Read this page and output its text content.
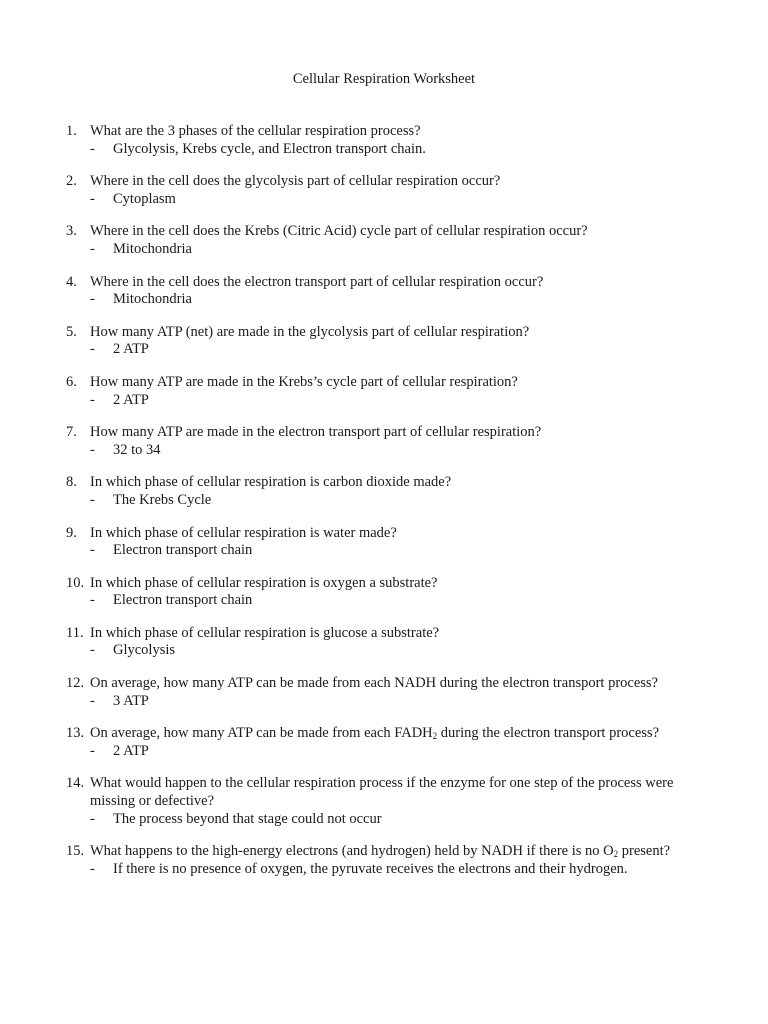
Cellular Respiration Worksheet
1. What are the 3 phases of the cellular respiration process?
- Glycolysis, Krebs cycle, and Electron transport chain.
2. Where in the cell does the glycolysis part of cellular respiration occur?
- Cytoplasm
3. Where in the cell does the Krebs (Citric Acid) cycle part of cellular respiration occur?
- Mitochondria
4. Where in the cell does the electron transport part of cellular respiration occur?
- Mitochondria
5. How many ATP (net) are made in the glycolysis part of cellular respiration?
- 2 ATP
6. How many ATP are made in the Krebs’s cycle part of cellular respiration?
- 2 ATP
7. How many ATP are made in the electron transport part of cellular respiration?
- 32 to 34
8. In which phase of cellular respiration is carbon dioxide made?
- The Krebs Cycle
9. In which phase of cellular respiration is water made?
- Electron transport chain
10. In which phase of cellular respiration is oxygen a substrate?
- Electron transport chain
11. In which phase of cellular respiration is glucose a substrate?
- Glycolysis
12. On average, how many ATP can be made from each NADH during the electron transport process?
- 3 ATP
13. On average, how many ATP can be made from each $FADH_2$ during the electron transport process?
- 2 ATP
14. What would happen to the cellular respiration process if the enzyme for one step of the process were missing or defective?
- The process beyond that stage could not occur
15. What happens to the high-energy electrons (and hydrogen) held by NADH if there is no $O_2$ present?
- If there is no presence of oxygen, the pyruvate receives the electrons and their hydrogen.
